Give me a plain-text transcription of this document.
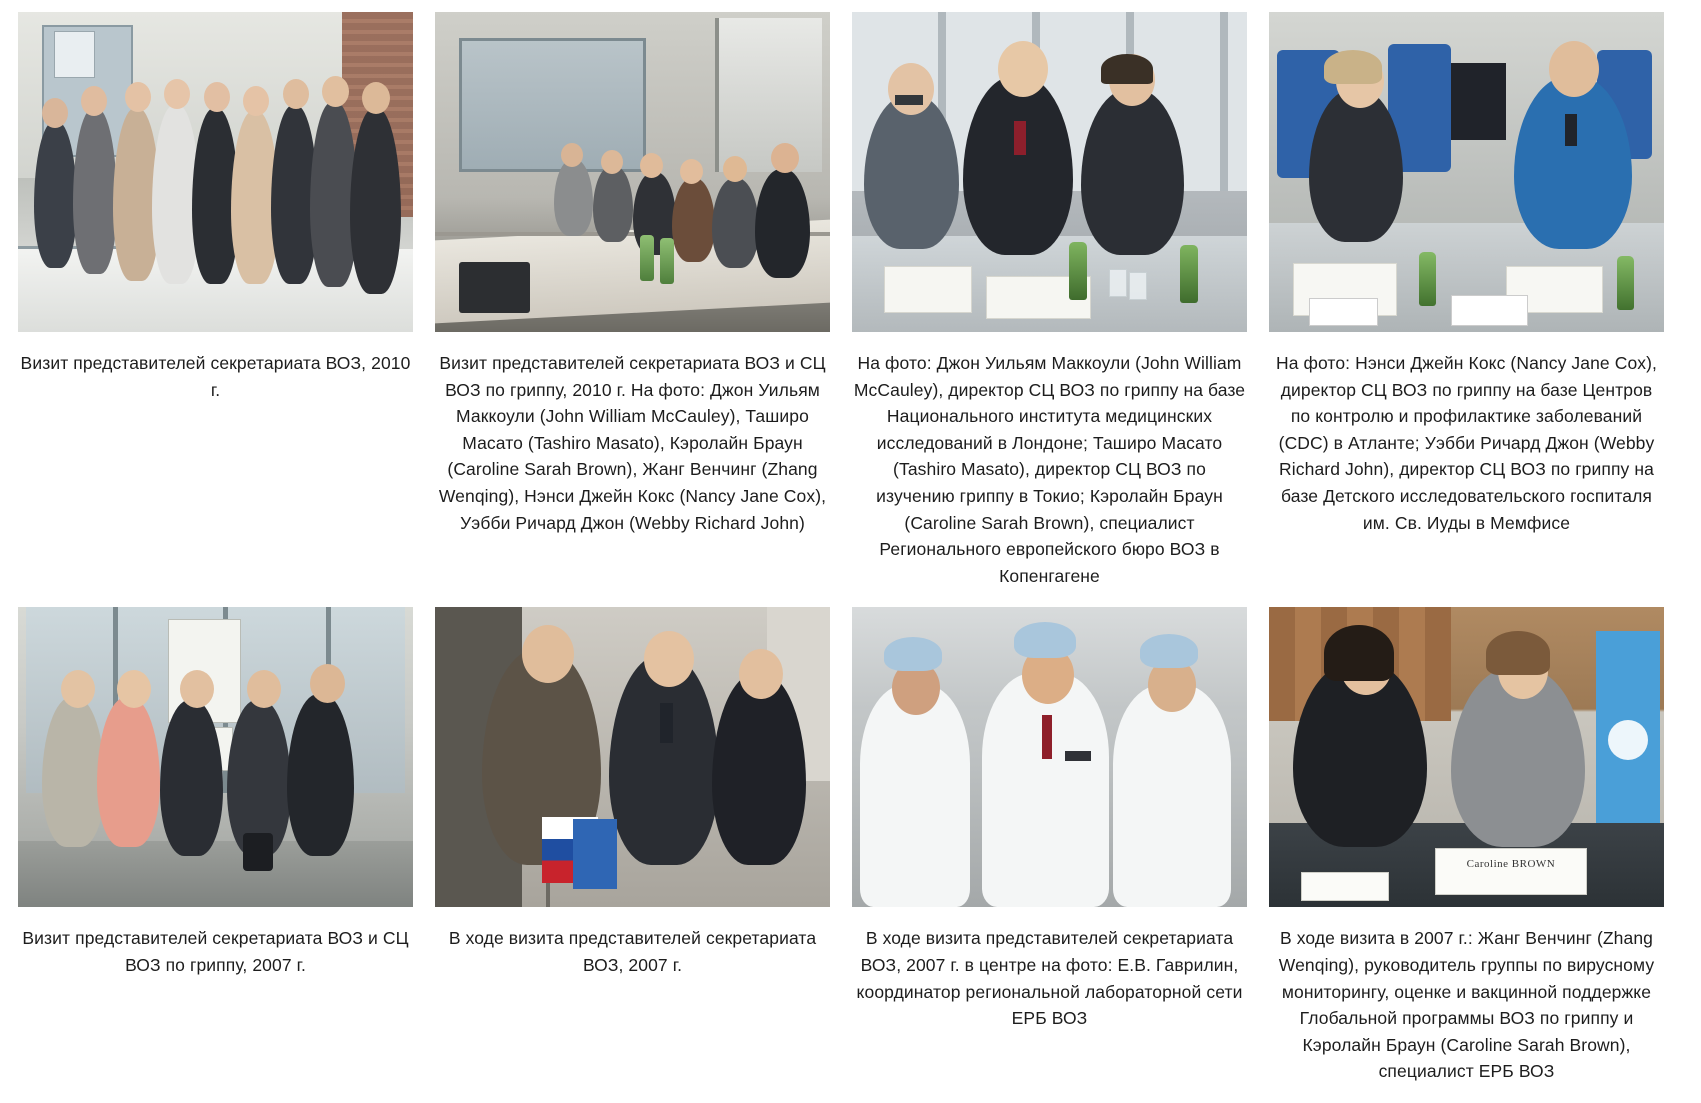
Визит представителей секретариата ВОЗ, 2010 г.
Визит представителей секретариата ВОЗ и СЦ ВОЗ по гриппу, 2010 г. На фото: Джон Уильям Маккоули (John William McCauley), Таширо Масато (Tashiro Masato), Кэролайн Браун (Caroline Sarah Brown), Жанг Венчинг (Zhang Wenqing), Нэнси Джейн Кокс (Nancy Jane Cox), Уэбби Ричард Джон (Webby Richard John)
На фото: Джон Уильям Маккоули (John William McCauley), директор СЦ ВОЗ по гриппу на базе Национального института медицинских исследований в Лондоне; Таширо Масато (Tashiro Masato), директор СЦ ВОЗ по изучению гриппу в Токио; Кэролайн Браун (Caroline Sarah Brown), специалист Регионального европейского бюро ВОЗ в Копенгагене
На фото: Нэнси Джейн Кокс (Nancy Jane Cox), директор СЦ ВОЗ по гриппу на базе Центров по контролю и профилактике заболеваний (CDC) в Атланте; Уэбби Ричард Джон (Webby Richard John), директор СЦ ВОЗ по гриппу на базе Детского исследовательского госпиталя им. Св. Иуды в Мемфисе
Визит представителей секретариата ВОЗ и СЦ ВОЗ по гриппу, 2007 г.
В ходе визита представителей секретариата ВОЗ, 2007 г.
В ходе визита представителей секретариата ВОЗ, 2007 г. в центре на фото: Е.В. Гаврилин, координатор региональной лабораторной сети ЕРБ ВОЗ
Caroline BROWN
В ходе визита в 2007 г.: Жанг Венчинг (Zhang Wenqing), руководитель группы по вирусному мониторингу, оценке и вакцинной поддержке Глобальной программы ВОЗ по гриппу и Кэролайн Браун (Caroline Sarah Brown), специалист ЕРБ ВОЗ
